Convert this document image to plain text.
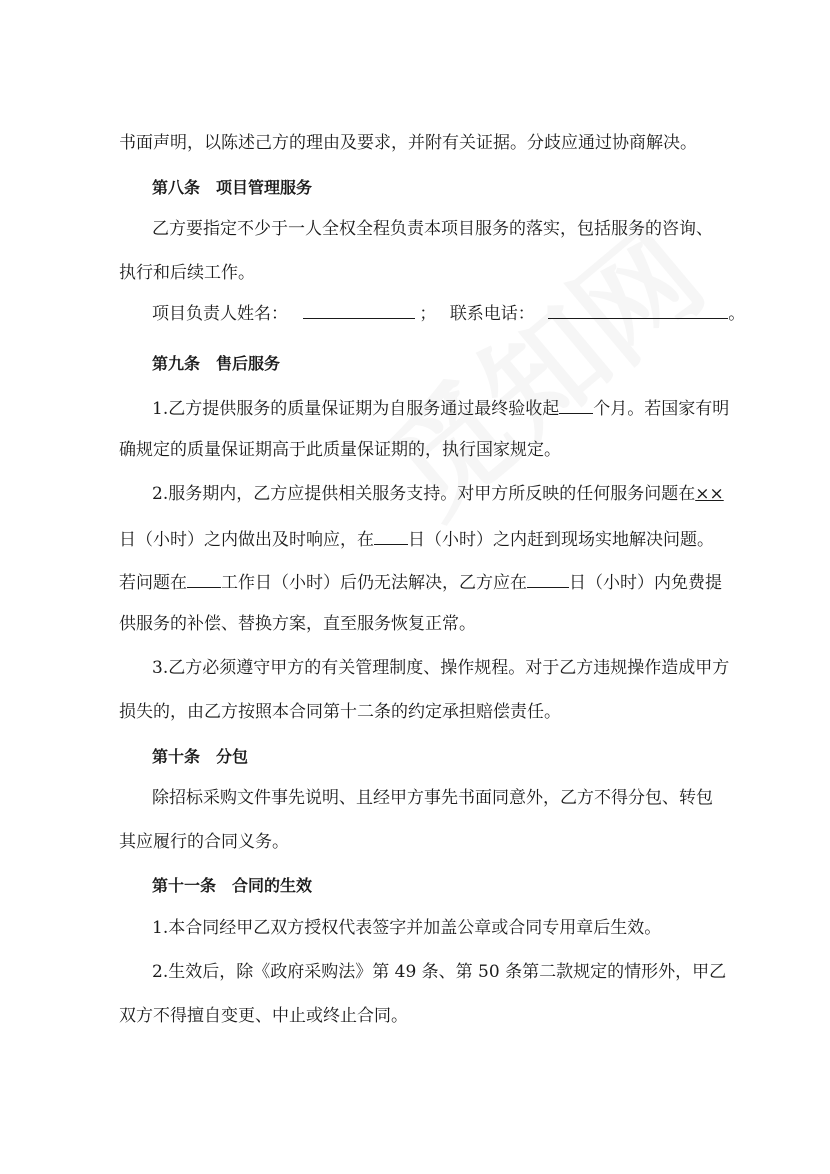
书面声明，以陈述己方的理由及要求，并附有关证据。分歧应通过协商解决。
第八条 项目管理服务
乙方要指定不少于一人全权全程负责本项目服务的落实，包括服务的咨询、
执行和后续工作。
项目负责人姓名：	； 联系电话：	。
第九条 售后服务
1.乙方提供服务的质量保证期为自服务通过最终验收起 个月。若国家有明
确规定的质量保证期高于此质量保证期的，执行国家规定。
2.服务期内，乙方应提供相关服务支持。对甲方所反映的任何服务问题在××
日（小时）之内做出及时响应，在 日（小时）之内赶到现场实地解决问题。
若问题在 工作日（小时）后仍无法解决，乙方应在 日（小时）内免费提
供服务的补偿、替换方案，直至服务恢复正常。
3.乙方必须遵守甲方的有关管理制度、操作规程。对于乙方违规操作造成甲方
损失的，由乙方按照本合同第十二条的约定承担赔偿责任。
第十条 分包
除招标采购文件事先说明、且经甲方事先书面同意外，乙方不得分包、转包
其应履行的合同义务。
第十一条 合同的生效
1.本合同经甲乙双方授权代表签字并加盖公章或合同专用章后生效。
2.生效后，除《政府采购法》第 49 条、第 50 条第二款规定的情形外，甲乙
双方不得擅自变更、中止或终止合同。
